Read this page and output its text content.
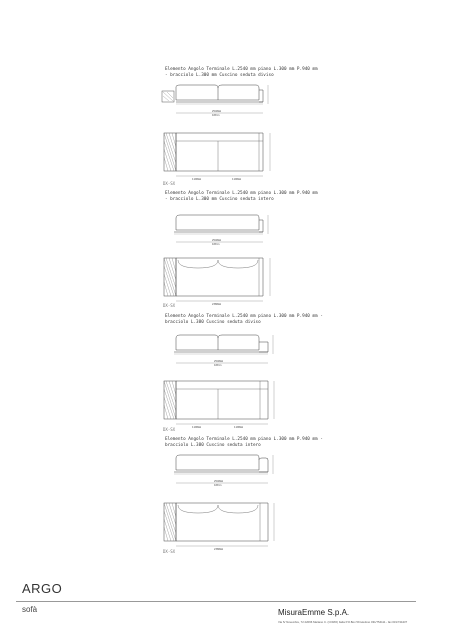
Elemento Angolo Terminale L.2540 mm piano L.300 mm P.940 mm
- bracciolo L.300 mm Cuscino seduta diviso
2540mm
100in
1190mm	1190mm
DX-SX
Elemento Angolo Terminale L.2540 mm piano L.300 mm P.940 mm
- bracciolo L.300 mm Cuscino seduta intero
2540mm
100in
2380mm
DX-SX
Elemento Angolo Terminale L.2540 mm piano L.300 mm P.940 mm -
bracciolo L.380 Cuscino seduta diviso
2540mm
100in
1190mm	1190mm
DX-SX
Elemento Angolo Terminale L.2540 mm piano L.300 mm P.940 mm -
bracciolo L.380 Cuscino seduta intero
2540mm
100in
2380mm
DX-SX
ARGO
sofà	MisuraEmme S.p.A.
Via IV Novembre, 72 22066 Mariano C. (COMO) Italia P.O.Box 59 telefono 031/754111 - fax 031/744437
